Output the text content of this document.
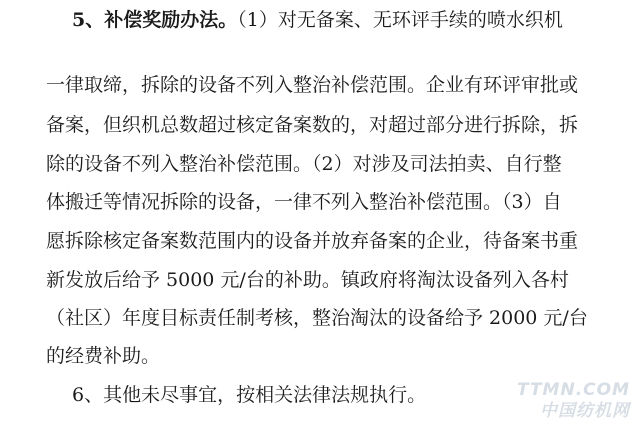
5、补偿奖励办法。（1）对无备案、无环评手续的喷水织机
一律取缔，拆除的设备不列入整治补偿范围。企业有环评审批或
备案，但织机总数超过核定备案数的，对超过部分进行拆除，拆
除的设备不列入整治补偿范围。（2）对涉及司法拍卖、自行整
体搬迁等情况拆除的设备，一律不列入整治补偿范围。（3）自
愿拆除核定备案数范围内的设备并放弃备案的企业，待备案书重
新发放后给予 5000 元/台的补助。镇政府将淘汰设备列入各村
（社区）年度目标责任制考核，整治淘汰的设备给予 2000 元/台
的经费补助。
6、其他未尽事宜，按相关法律法规执行。	TTMN.COM
中国纺机网
